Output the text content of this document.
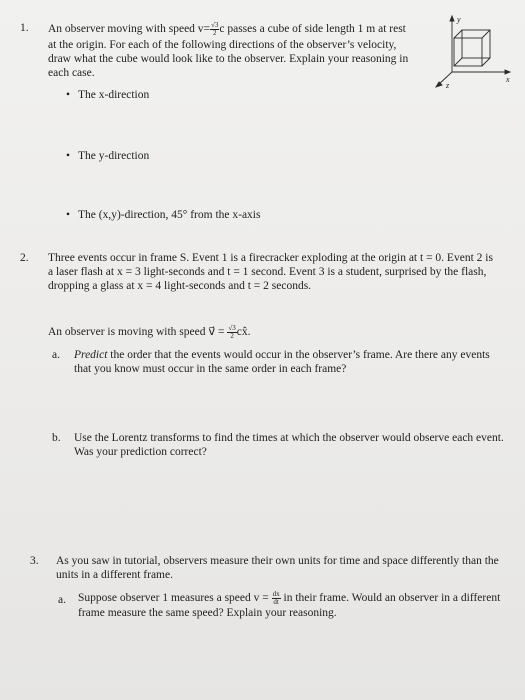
1. An observer moving with speed $v= \frac{√3}{2}$ c passes a cube of side length 1 m at rest
at the origin. For each of the following directions of the observer’s velocity,
draw what the cube would look like to the observer. Explain your reasoning in
each case.
• The x-direction
• The y-direction
• The (x,y)-direction, 45° from the x-axis
y
x
z
2. Three events occur in frame S. Event 1 is a firecracker exploding at the origin at t = 0. Event 2 is
a laser flash at x = 3 light-seconds and t = 1 second. Event 3 is a student, surprised by the flash,
dropping a glass at x = 4 light-seconds and t = 2 seconds.
An observer is moving with speed v⃗ = $\frac{√3}{2}$ cx̂.
a. Predict the order that the events would occur in the observer’s frame. Are there any events
that you know must occur in the same order in each frame?
b. Use the Lorentz transforms to find the times at which the observer would observe each event.
Was your prediction correct?
3. As you saw in tutorial, observers measure their own units for time and space differently than the
units in a different frame.
a. Suppose observer 1 measures a speed $v = \frac{dx}{dt}$ in their frame. Would an observer in a different
frame measure the same speed? Explain your reasoning.
